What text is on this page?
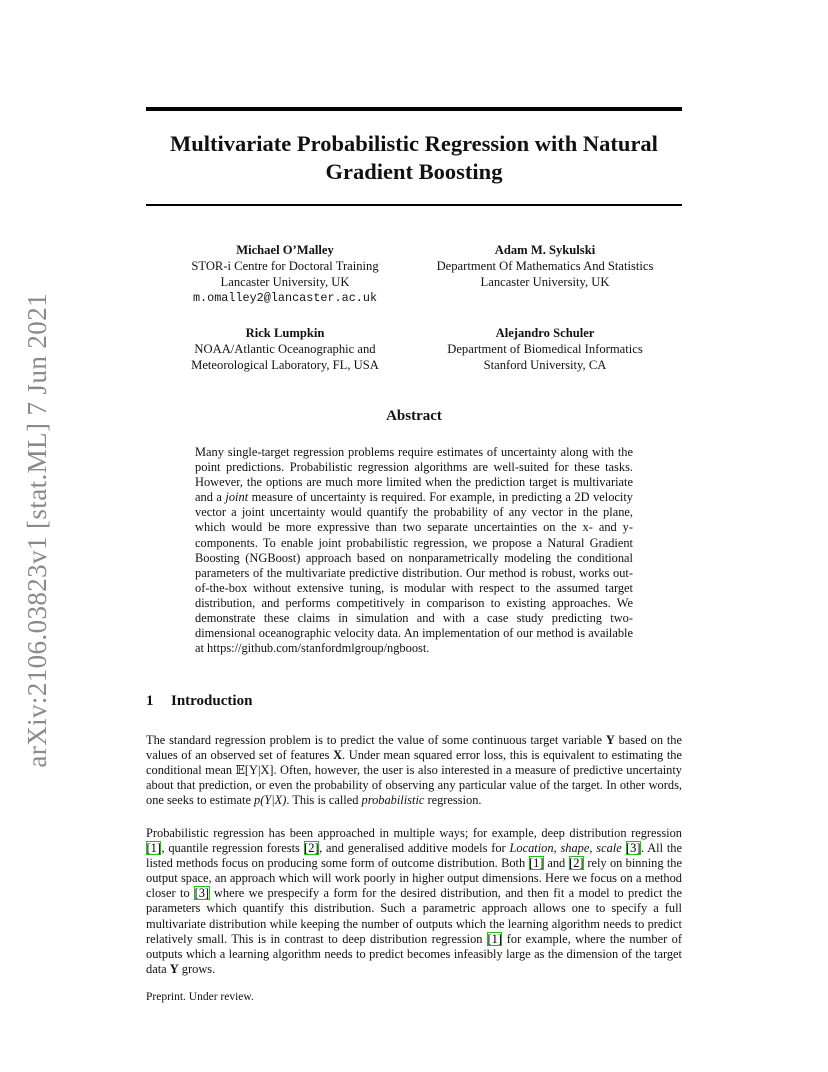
arXiv:2106.03823v1 [stat.ML] 7 Jun 2021
Multivariate Probabilistic Regression with Natural
Gradient Boosting
Michael O’Malley
STOR-i Centre for Doctoral Training
Lancaster University, UK
m.omalley2@lancaster.ac.uk
Adam M. Sykulski
Department Of Mathematics And Statistics
Lancaster University, UK
Rick Lumpkin
NOAA/Atlantic Oceanographic and
Meteorological Laboratory, FL, USA
Alejandro Schuler
Department of Biomedical Informatics
Stanford University, CA
Abstract
Many single-target regression problems require estimates of uncertainty along with the point predictions. Probabilistic regression algorithms are well-suited for these tasks. However, the options are much more limited when the prediction target is multivariate and a joint measure of uncertainty is required. For example, in predicting a 2D velocity vector a joint uncertainty would quantify the probability of any vector in the plane, which would be more expressive than two separate uncertainties on the x- and y- components. To enable joint probabilistic regression, we propose a Natural Gradient Boosting (NGBoost) approach based on nonparametrically modeling the conditional parameters of the multivariate predictive distribution. Our method is robust, works out-of-the-box without extensive tuning, is modular with respect to the assumed target distribution, and performs competitively in comparison to existing approaches. We demonstrate these claims in simulation and with a case study predicting two-dimensional oceanographic velocity data. An implementation of our method is available at https://github.com/stanfordmlgroup/ngboost.
1 Introduction
The standard regression problem is to predict the value of some continuous target variable Y based on the values of an observed set of features X. Under mean squared error loss, this is equivalent to estimating the conditional mean 𝔼[Y|X]. Often, however, the user is also interested in a measure of predictive uncertainty about that prediction, or even the probability of observing any particular value of the target. In other words, one seeks to estimate p(Y|X). This is called probabilistic regression.
Probabilistic regression has been approached in multiple ways; for example, deep distribution regression [1], quantile regression forests [2], and generalised additive models for Location, shape, scale [3]. All the listed methods focus on producing some form of outcome distribution. Both [1] and [2] rely on binning the output space, an approach which will work poorly in higher output dimensions. Here we focus on a method closer to [3] where we prespecify a form for the desired distribution, and then fit a model to predict the parameters which quantify this distribution. Such a parametric approach allows one to specify a full multivariate distribution while keeping the number of outputs which the learning algorithm needs to predict relatively small. This is in contrast to deep distribution regression [1] for example, where the number of outputs which a learning algorithm needs to predict becomes infeasibly large as the dimension of the target data Y grows.
Preprint. Under review.
